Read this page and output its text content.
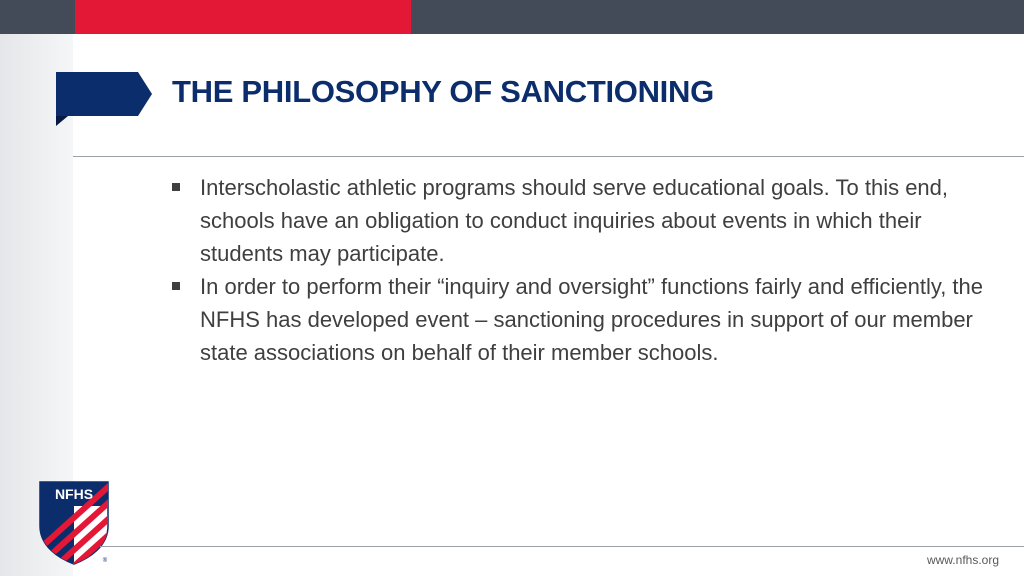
THE PHILOSOPHY OF SANCTIONING
Interscholastic athletic programs should serve educational goals. To this end, schools have an obligation to conduct inquiries about events in which their students may participate.
In order to perform their “inquiry and oversight” functions fairly and efficiently, the NFHS has developed event – sanctioning procedures in support of our member state associations on behalf of their member schools.
NFHS
®	www.nfhs.org
